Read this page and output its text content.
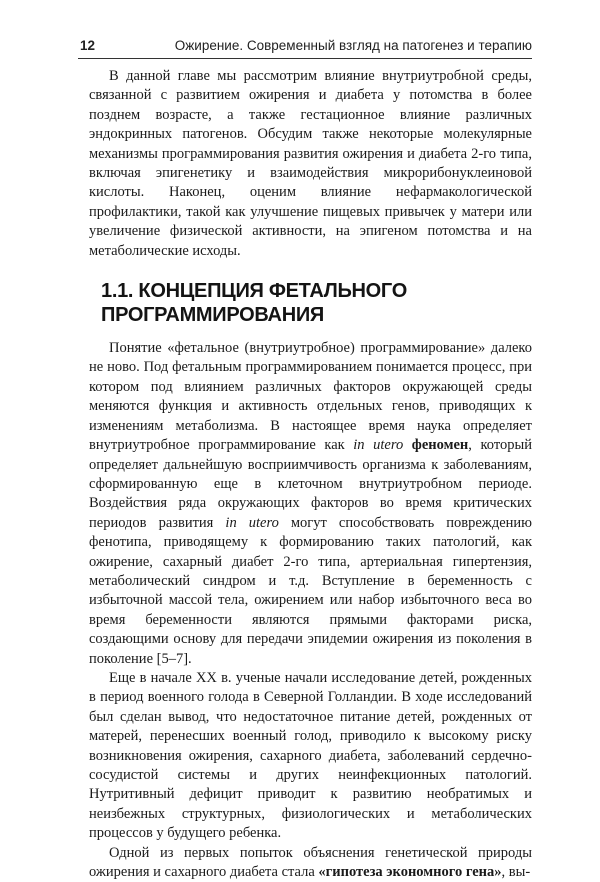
12	Ожирение. Современный взгляд на патогенез и терапию

В данной главе мы рассмотрим влияние внутриутробной среды, связанной с развитием ожирения и диабета у потомства в более позднем возрасте, а также гестационное влияние различных эндокринных патогенов. Обсудим также некоторые молекулярные механизмы программирования развития ожирения и диабета 2-го типа, включая эпигенетику и взаимодействия микрорибонуклеиновой кислоты. Наконец, оценим влияние нефармакологической профилактики, такой как улучшение пищевых привычек у матери или увеличение физической активности, на эпигеном потомства и на метаболические исходы.

1.1. КОНЦЕПЦИЯ ФЕТАЛЬНОГО ПРОГРАММИРОВАНИЯ

Понятие «фетальное (внутриутробное) программирование» далеко не ново. Под фетальным программированием понимается процесс, при котором под влиянием различных факторов окружающей среды меняются функция и активность отдельных генов, приводящих к изменениям метаболизма. В настоящее время наука определяет внутриутробное программирование как in utero феномен, который определяет дальнейшую восприимчивость организма к заболеваниям, сформированную еще в клеточном внутриутробном периоде. Воздействия ряда окружающих факторов во время критических периодов развития in utero могут способствовать повреждению фенотипа, приводящему к формированию таких патологий, как ожирение, сахарный диабет 2-го типа, артериальная гипертензия, метаболический синдром и т.д. Вступление в беременность с избыточной массой тела, ожирением или набор избыточного веса во время беременности являются прямыми факторами риска, создающими основу для передачи эпидемии ожирения из поколения в поколение [5–7].

Еще в начале XX в. ученые начали исследование детей, рожденных в период военного голода в Северной Голландии. В ходе исследований был сделан вывод, что недостаточное питание детей, рожденных от матерей, перенесших военный голод, приводило к высокому риску возникновения ожирения, сахарного диабета, заболеваний сердечно-сосудистой системы и других неинфекционных патологий. Нутритивный дефицит приводит к развитию необратимых и неизбежных структурных, физиологических и метаболических процессов у будущего ребенка.

Одной из первых попыток объяснения генетической природы ожирения и сахарного диабета стала «гипотеза экономного гена», вы-
